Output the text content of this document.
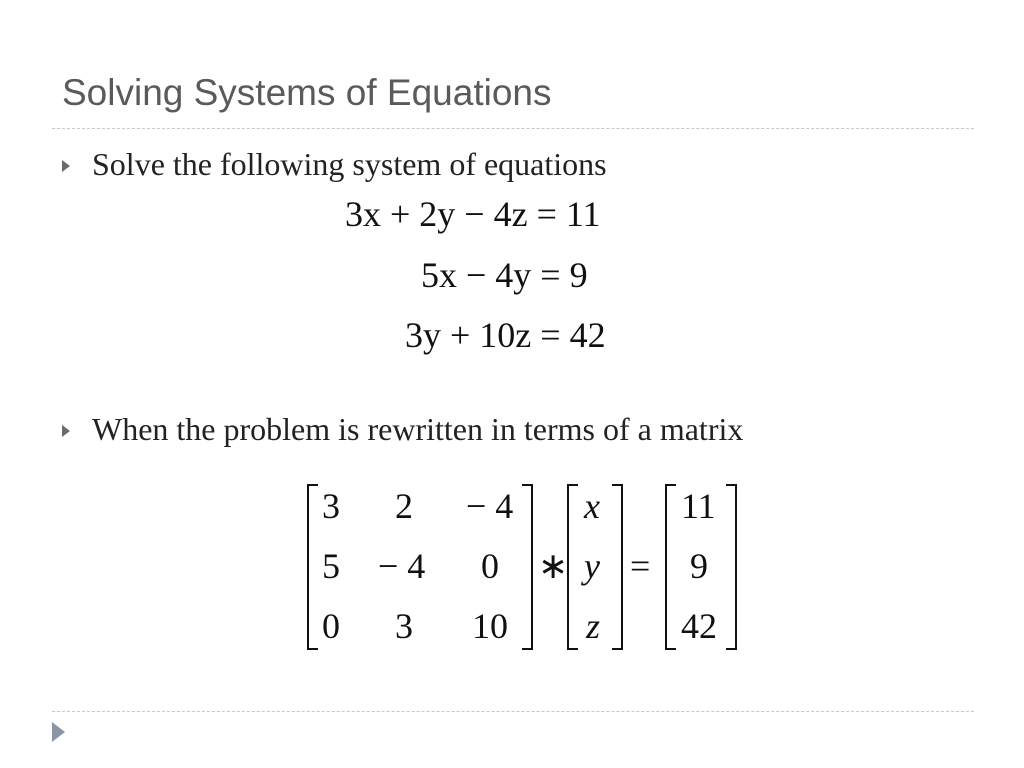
Solving Systems of Equations
Solve the following system of equations
3x + 2y − 4z = 11
5x − 4y = 9
3y + 10z = 42
When the problem is rewritten in terms of a matrix
3 2 − 4
5 − 4 0
0 3 10
∗
x
y
z
=
11
9
42
